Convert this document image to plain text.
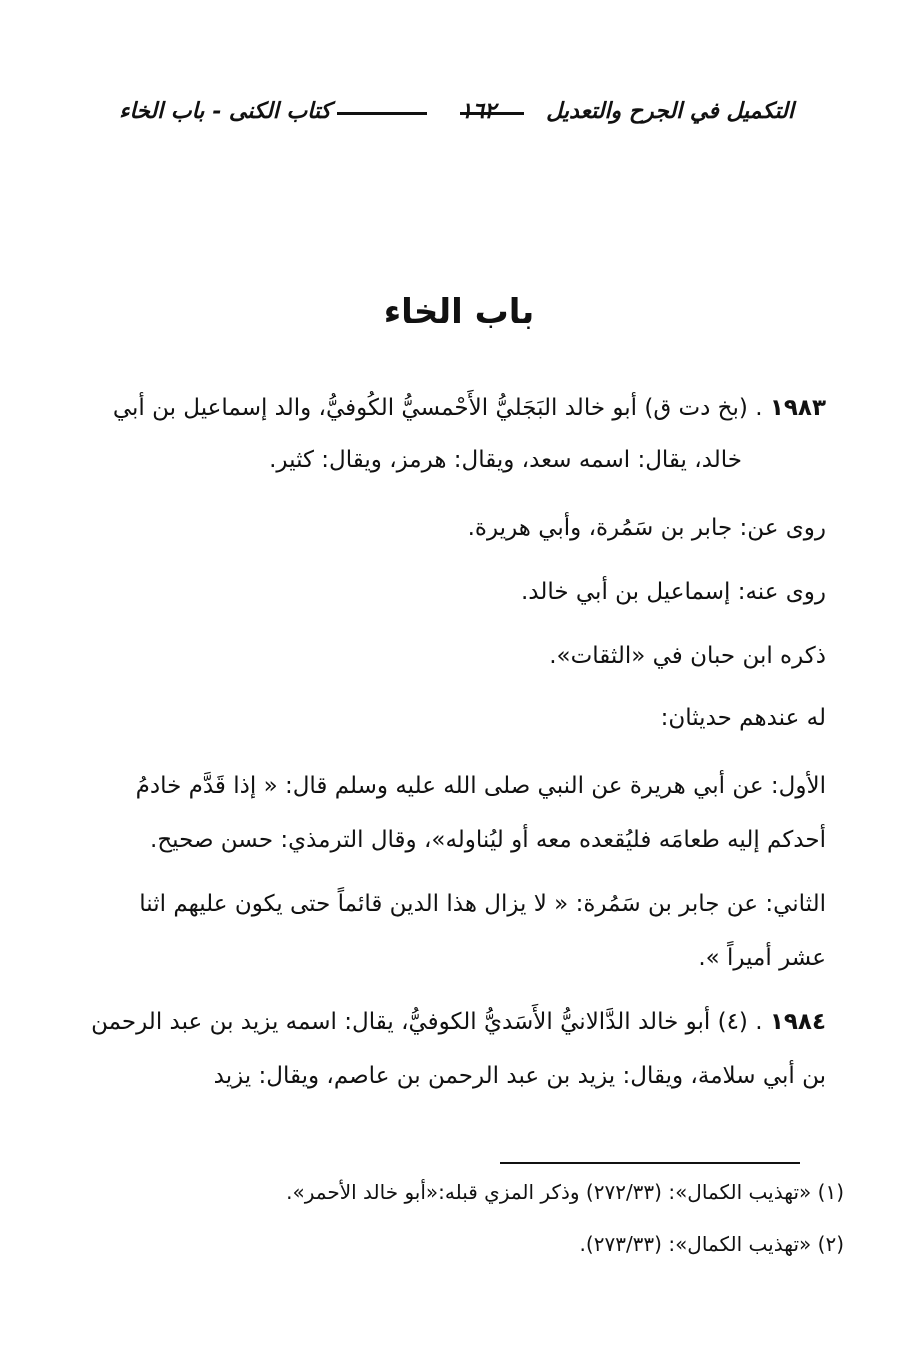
التكميل في الجرح والتعديل
١٦٢
كتاب الكنى - باب الخاء
باب الخاء
١٩٨٣ . (بخ دت ق) أبو خالد البَجَليُّ الأَحْمسيُّ الكُوفيُّ، والد إسماعيل بن أبي
خالد، يقال: اسمه سعد، ويقال: هرمز، ويقال: كثير.
روى عن: جابر بن سَمُرة، وأبي هريرة.
روى عنه: إسماعيل بن أبي خالد.
ذكره ابن حبان في «الثقات».
له عندهم حديثان:
الأول: عن أبي هريرة عن النبي صلى الله عليه وسلم قال: « إذا قَدَّم خادمُ
أحدكم إليه طعامَه فليُقعده معه أو ليُناوله»، وقال الترمذي: حسن صحيح.
الثاني: عن جابر بن سَمُرة: « لا يزال هذا الدين قائماً حتى يكون عليهم اثنا
عشر أميراً ».
١٩٨٤ . (٤) أبو خالد الدَّالانيُّ الأَسَديُّ الكوفيُّ، يقال: اسمه يزيد بن عبد الرحمن
بن أبي سلامة، ويقال: يزيد بن عبد الرحمن بن عاصم، ويقال: يزيد
(١) «تهذيب الكمال»: (٢٧٢/٣٣) وذكر المزي قبله:«أبو خالد الأحمر».
(٢) «تهذيب الكمال»: (٢٧٣/٣٣).
